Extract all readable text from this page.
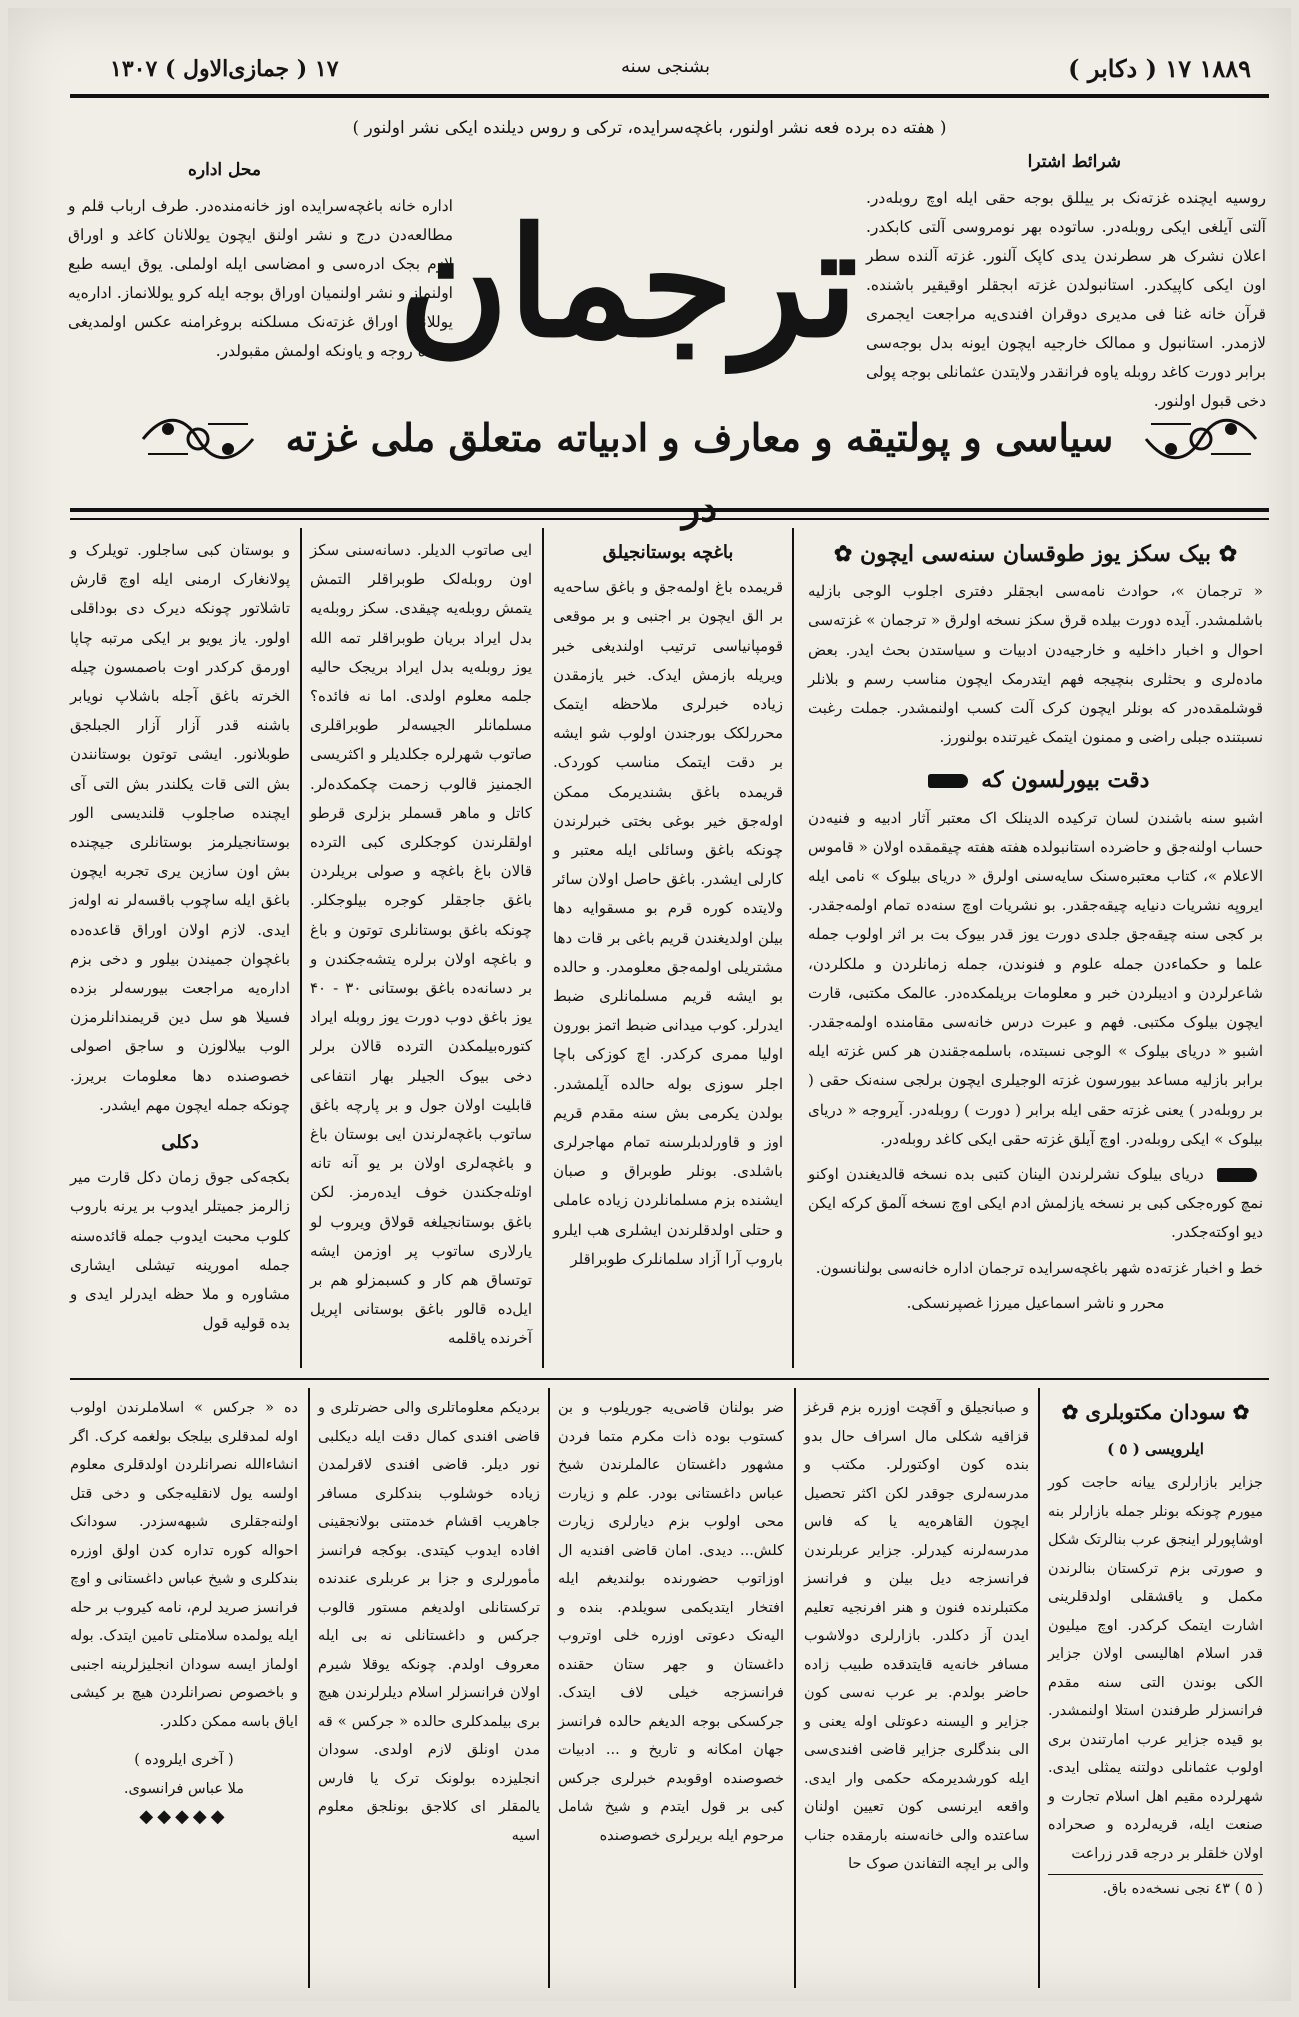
۱۷ ( جمازی‌الاول ) ۱۳۰۷	بشنجی سنه	۱۸۸۹ ۱۷ ( دکابر )
( هفته ده برده فعه نشر اولنور، باغچه‌سرایده، ترکی و روس دیلنده ایکی نشر اولنور )
شرائط اشترا
روسیه ایچنده غزته‌نک بر ییللق بوجه حقی ایله اوچ روبله‌در. آلتی آیلغی ایکی روبله‌در. ساتوده بهر نومروسی آلتی کابکدر. اعلان نشرک هر سطرندن یدی کاپک آلنور. غزته آلنده سطر اون ایکی کاپیکدر. استانبولدن غزته ابجقلر اوقیقیر باشنده. قرآن خانه‌ غنا فی مدیری دوقران افندی‌یه مراجعت ایجمری لازمدر. استانبول و ممالک خارجیه ایچون ایونه بدل بوجه‌سی برابر دورت کاغد روبله یاوه فرانقدر ولایتدن عثمانلی بوجه پولی دخی قبول اولنور.
محل اداره
اداره خانه باغچه‌سرایده اوز خانه‌منده‌در. طرف ارباب قلم و مطالعه‌دن درج و نشر اولنق ایچون یوللانان کاغد و اوراق لازم بجک ادره‌سی و امضاسی ایله اولملی. یوق ایسه طبع اولنماز و نشر اولنمیان اوراق بوجه ایله کرو یوللانماز. اداره‌یه یوللانان اوراق غزته‌نک مسلکنه بروغرامنه عکس اولمدیغی حالده روجه و یاونکه اولمش مقبولدر.
ترجمان
سیاسی و پولتیقه و معارف و ادبیاته متعلق ملی غزته در
✿ بیک سکز یوز طوقسان سنه‌سی ایچون ✿

« ترجمان »، حوادث نامه‌سی ابجقلر دفتری اجلوب الوجی بازلیه باشلمشدر. آیده دورت بیلده قرق سکز نسخه اولرق « ترجمان » غزته‌سی احوال و اخبار داخلیه و خارجیه‌دن ادبیات و سیاستدن بحث ایدر. بعض ماده‌لری و بحثلری بنچیجه فهم ایتدرمک ایچون مناسب رسم و بلانلر قوشلمقده‌در که بونلر ایچون کرک آلت کسب اولنمشدر. جملت رغبت نسبتنده جبلی راضی و ممنون ایتمک غیرتنده بولنورز.

دقت بیورلسون که

اشبو سنه باشندن لسان ترکیده الدینلک اک معتبر آثار ادبیه و فنیه‌دن حساب اولنه‌جق و حاضرده استانبولده هفته هفته چیقمقده اولان « قاموس الاعلام »، کتاب معتبره‌سنک سایه‌سنی اولرق « دریای بیلوک » نامی ایله ایروپه نشریات دنیایه چیقه‌جقدر. بو نشریات اوچ سنه‌ده تمام اولمه‌جقدر. بر کجی سنه چیقه‌جق جلدی دورت یوز قدر بیوک بت بر اثر اولوب جمله علما و حکماءدن جمله علوم و فنوندن، جمله زمانلردن و ملکلردن، شاعرلردن و ادیبلردن خبر و معلومات بریلمکده‌در. عالمک مکتبی، قارت ایچون بیلوک مکتبی. فهم و عبرت درس خانه‌سی مقامنده اولمه‌جقدر. اشبو « دریای بیلوک » الوجی نسبتده، باسلمه‌جقندن هر کس غزته ایله برابر بازلیه مساعد بیورسون غزته الوجیلری ایچون برلجی سنه‌نک حقی ( بر روبله‌در ) یعنی غزته حقی ایله برابر ( دورت ) روبله‌در. آیروجه « دریای بیلوک » ایکی روبله‌در. اوچ آیلق غزته حقی ایکی کاغد روبله‌در.

دریای بیلوک نشرلرندن الینان کتبی بده نسخه قالدیغندن اوکنو نمچ کوره‌جکی کبی بر نسخه یازلمش ادم ایکی اوچ نسخه آلمق کرکه ایکن دیو اوکته‌جکدر.

خط و اخبار غزته‌ده شهر باغچه‌سرایده ترجمان اداره خانه‌سی بولنانسون.

محرر و ناشر اسماعیل میرزا غصپرنسکی.

باغچه بوستانجیلق

قریمده باغ اولمه‌جق و باغق ساحه‌یه بر الق ایچون بر اجنبی و بر موقعی قومپانیاسی ترتیب اولندیغی خبر ویریله بازمش ایدک. خبر یازمقدن زیاده خبرلری ملاحظه ایتمک محررلکک بورجندن اولوب شو ایشه بر دقت ایتمک مناسب کوردک. قریمده باغق بشندیرمک ممکن اوله‌جق خیر بوغی بختی خبرلرندن چونکه باغق وسائلی ایله معتبر و کارلی ایشدر. باغق حاصل اولان سائر ولایتده کوره قرم بو مسقوایه دها بیلن اولدیغندن قریم باغی بر قات دها مشتریلی اولمه‌جق معلومدر. و حالده بو ایشه قریم مسلمانلری ضبط ایدرلر. کوب میدانی ضبط اتمز بورون اولیا ممری کرکدر. اچ کوزکی باچا اجلر سوزی بوله حالده آیلمشدر. بولدن یکرمی بش سنه مقدم قریم اوز و قاورلدبلرسنه تمام مهاجرلری باشلدی. بونلر طوبراق و صبان ایشنده بزم مسلمانلردن زیاده عاملی و حتلی اولدقلرندن ایشلری هب ایلرو باروب آرا آزاد سلمانلرک طوبراقلر

ایی صاتوب الدیلر. دسانه‌سنی سکز اون روبله‌لک طوبراقلر التمش یتمش روبله‌یه چیقدی. سکز روبله‌یه بدل ایراد بریان طوبراقلر تمه الله یوز روبله‌یه بدل ایراد بریجک حالیه جلمه معلوم اولدی. اما نه فائده؟ مسلمانلر الجیسه‌لر طوبراقلری صاتوب شهرلره جکلدیلر و اکثریسی الجمنیز قالوب زحمت چکمکده‌لر. کاتل و ماهر قسملر بزلری قرطو اولقلرندن کوجکلری کبی الترده قالان باغ باغچه و صولی بریلردن باغق جاجقلر کوجره بیلوجکلر. چونکه باغق بوستانلری توتون و باغ و باغچه اولان برلره یتشه‌جکندن و بر دسانه‌ده باغق بوستانی ۳۰ - ۴۰ یوز باغق دوب دورت یوز روبله ایراد کتوره‌بیلمکدن الترده قالان برلر دخی بیوک الجیلر بهار انتفاعی قابلیت اولان جول و بر پارچه باغق ساتوب باغچه‌لرندن ایی بوستان باغ و باغچه‌لری اولان بر یو آنه تانه اوتله‌جکندن خوف ایده‌رمز. لکن باغق بوستانجیلغه قولاق ویروب لو یارلاری ساتوب پر اوزمن ایشه توتساق هم کار و کسبمزلو هم بر ایل‌ده قالور باغق بوستانی اپریل آخرنده یاقلمه

و بوستان کبی ساجلور. تویلرک و پولانغارک ارمنی ایله اوچ قارش تاشلاتور چونکه دیرک دی بوداقلی اولور. یاز یویو بر ایکی مرتبه چاپا اورمق کرکدر اوت باصمسون چیله الخرته باغق آجله باشلاپ نویابر باشنه قدر آزار آزار الجبلجق طوبلانور. ایشی توتون بوستانندن بش التی قات یکلندر بش التی آی ایچنده صاجلوب قلندیسی الور بوستانجیلرمز بوستانلری جیچنده بش اون سازین یری تجربه ایچون باغق ایله ساچوب باقسه‌لر نه اوله‌ز ایدی. لازم اولان اوراق قاعده‌ده باغچوان جمیندن بیلور و دخی بزم اداره‌یه مراجعت بیورسه‌لر بزده فسیلا هو سل دین قریمندانلرمزن الوب بیلالوزن و ساجق اصولی خصوصنده دها معلومات بریرز. چونکه جمله ایچون مهم ایشدر.

دکلی

بکجه‌کی جوق زمان دکل قارت میر زالرمز جمیتلر ایدوب بر یرنه باروب کلوب محبت ایدوب جمله قائده‌سنه جمله امورینه تیشلی ایشاری مشاوره و ملا حظه ایدرلر ایدی و بده قولیه قول

✿ سودان مکتوبلری ✿
ایلرویسی ( ٥ )

جزایر بازارلری ییانه حاجت کور میورم چونکه بونلر جمله بازارلر بنه اوشاپورلر اینجق عرب بنالرتک شکل و صورتی بزم ترکستان بنالرندن مکمل و یاقشقلی اولدقلرینی اشارت ایتمک کرکدر. اوچ میلیون قدر اسلام اهالیسی اولان جزایر الکی بوندن التی سنه مقدم فرانسزلر طرفندن استلا اولنمشدر. بو قیده جزایر عرب امارتندن بری اولوب عثمانلی دولتنه یمثلی ایدی. شهرلرده مقیم اهل اسلام تجارت و صنعت ایله، قریه‌لرده و صحراده اولان خلقلر بر درجه قدر زراعت

( ٥ ) ٤٣ نجی نسخه‌ده باق.

و صبانجیلق و آقچت اوزره بزم قرغز قزاقیه شکلی مال اسراف حال بدو بنده کون اوکتورلر. مکتب و مدرسه‌لری جوقدر لکن اکثر تحصیل ایچون القاهره‌یه یا که فاس مدرسه‌لرنه کیدرلر. جزایر عربلرندن فرانسزجه دیل بیلن و فرانسز مکتبلرنده فنون و هنر افرنجیه تعلیم ایدن آز دکلدر. بازارلری دولاشوب مسافر خانه‌یه قایتدقده طبیب زاده حاضر بولدم. بر عرب نه‌سی کون جزایر و الیسنه دعوتلی اوله یعنی و الی بندگلری جزایر قاضی افندی‌سی ایله کورشدیرمکه حکمی وار ایدی. واقعه ایرنسی کون تعیین اولنان ساعتده والی خانه‌سنه بارمقده جناب والی بر ایچه التفاندن صوک حا

ضر بولنان قاضی‌یه جوریلوب و بن کستوب بوده ذات مکرم متما فردن مشهور داغستان عالملرندن شیخ عباس داغستانی بودر. علم و زیارت محی اولوب بزم دیارلری زیارت کلش... دیدی. امان قاضی افندیه ال اوزاتوب حضورنده بولندیغم ایله افتخار ایتدیکمی سویلدم. بنده و الیه‌نک دعوتی اوزره خلی اوتروب داغستان و جهر ستان حقنده فرانسزجه خیلی لاف ایتدک. جرکسکی بوجه الدیغم حالده فرانسز جهان امکانه و تاریخ و ... ادبیات خصوصنده اوقوبدم خبرلری جرکس کبی بر قول ایتدم و شیخ شامل مرحوم ایله بریرلری خصوصنده

بردیکم معلوماتلری والی حضرتلری و قاضی افندی کمال دقت ایله دیکلبی نور دیلر. قاضی افندی لاقرلمدن زیاده خوشلوب بندکلری مسافر جاهریب اقشام خدمتنی بولانجقینی افاده ایدوب کیتدی. بوکجه فرانسز مأمورلری و جزا بر عربلری عندنده ترکستانلی اولدیغم مستور قالوب جرکس و داغستانلی نه بی ایله معروف اولدم. چونکه یوقلا شیرم اولان فرانسزلر اسلام دیلرلرندن هیچ بری بیلمدکلری حالده « جرکس » قه مدن اونلق لازم اولدی. سودان انجلیزده بولونک ترک یا فارس یا‌لمقلر ای کلاجق بونلجق معلوم اسیه

ده « جرکس » اسلاملرندن اولوب اوله لمدقلری بیلجک بولغمه کرک. اگر انشاءالله نصرانلردن اولدقلری معلوم اولسه یول لانقلیه‌جکی و دخی قتل اولنه‌جقلری شبهه‌سزدر. سودانک احواله کوره تداره کدن اولق اوزره بندکلری و شیخ عباس داغستانی و اوچ فرانسز صرید لرم، نامه کیروب بر حله ایله یولمده سلامتلی تامین ایتدک. بوله اولماز ایسه سودان انجلیزلرینه اجنبی و باخصوص نصرانلردن هیچ بر کیشی ایاق باسه ممکن دکلدر.

( آخری ایلروده )

ملا عباس فرانسوی.

◆◆◆◆◆
